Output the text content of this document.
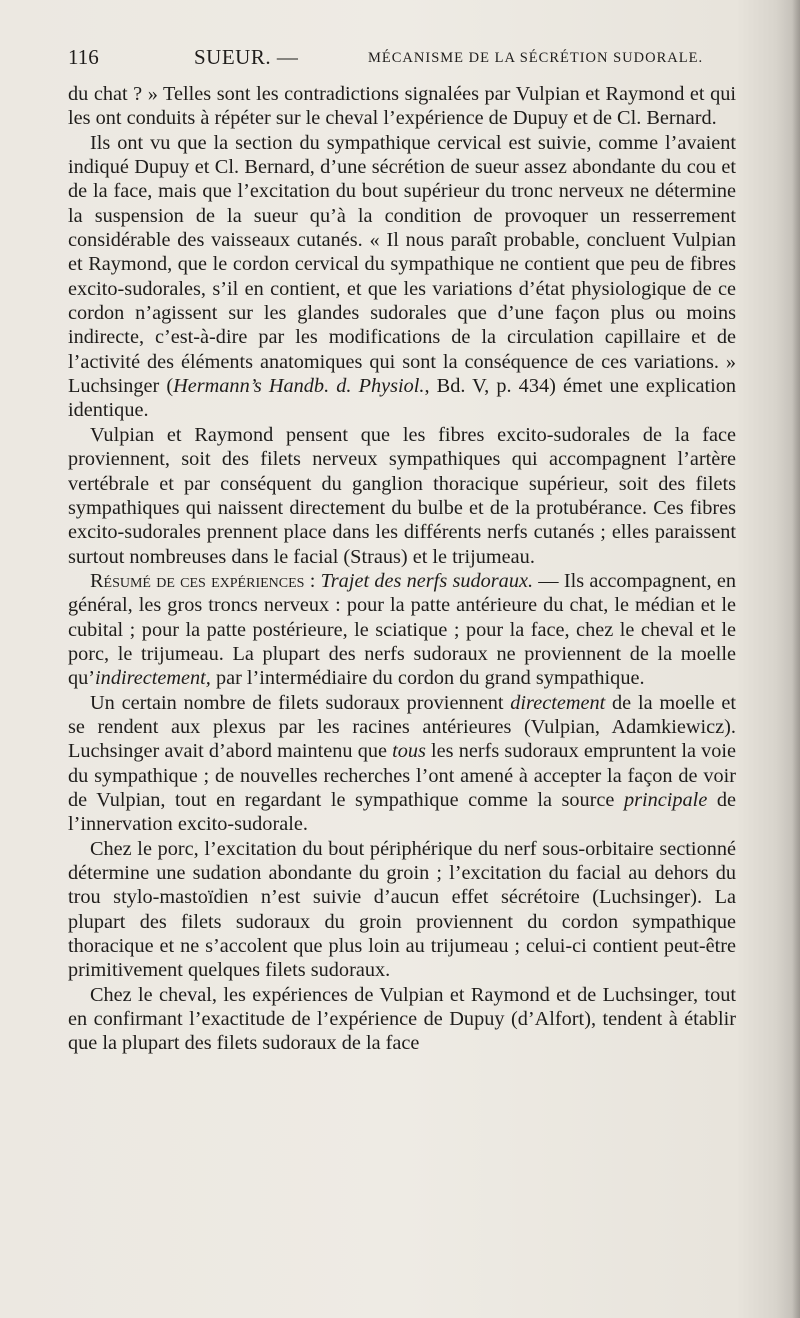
116	SUEUR. —	MÉCANISME DE LA SÉCRÉTION SUDORALE.

du chat ? » Telles sont les contradictions signalées par Vulpian et Raymond et qui les ont conduits à répéter sur le cheval l’expérience de Dupuy et de Cl. Bernard.

Ils ont vu que la section du sympathique cervical est suivie, comme l’avaient indiqué Dupuy et Cl. Bernard, d’une sécrétion de sueur assez abondante du cou et de la face, mais que l’excitation du bout supérieur du tronc nerveux ne détermine la suspension de la sueur qu’à la condition de provoquer un resserrement considérable des vaisseaux cutanés. « Il nous paraît probable, concluent Vulpian et Raymond, que le cordon cervical du sympathique ne contient que peu de fibres excito-sudorales, s’il en contient, et que les variations d’état physiologique de ce cordon n’agissent sur les glandes sudorales que d’une façon plus ou moins indirecte, c’est-à-dire par les modifications de la circulation capillaire et de l’activité des éléments anatomiques qui sont la conséquence de ces variations. » Luchsinger (Hermann’s Handb. d. Physiol., Bd. V, p. 434) émet une explication identique.

Vulpian et Raymond pensent que les fibres excito-sudorales de la face proviennent, soit des filets nerveux sympathiques qui accompagnent l’artère vertébrale et par conséquent du ganglion thoracique supérieur, soit des filets sympathiques qui naissent directement du bulbe et de la protubérance. Ces fibres excito-sudorales prennent place dans les différents nerfs cutanés ; elles paraissent surtout nombreuses dans le facial (Straus) et le trijumeau.

Résumé de ces expériences : Trajet des nerfs sudoraux. — Ils accompagnent, en général, les gros troncs nerveux : pour la patte antérieure du chat, le médian et le cubital ; pour la patte postérieure, le sciatique ; pour la face, chez le cheval et le porc, le trijumeau. La plupart des nerfs sudoraux ne proviennent de la moelle qu’indirectement, par l’intermédiaire du cordon du grand sympathique.

Un certain nombre de filets sudoraux proviennent directement de la moelle et se rendent aux plexus par les racines antérieures (Vulpian, Adamkiewicz). Luchsinger avait d’abord maintenu que tous les nerfs sudoraux empruntent la voie du sympathique ; de nouvelles recherches l’ont amené à accepter la façon de voir de Vulpian, tout en regardant le sympathique comme la source principale de l’innervation excito-sudorale.

Chez le porc, l’excitation du bout périphérique du nerf sous-orbitaire sectionné détermine une sudation abondante du groin ; l’excitation du facial au dehors du trou stylo-mastoïdien n’est suivie d’aucun effet sécrétoire (Luchsinger). La plupart des filets sudoraux du groin proviennent du cordon sympathique thoracique et ne s’accolent que plus loin au trijumeau ; celui-ci contient peut-être primitivement quelques filets sudoraux.

Chez le cheval, les expériences de Vulpian et Raymond et de Luchsinger, tout en confirmant l’exactitude de l’expérience de Dupuy (d’Alfort), tendent à établir que la plupart des filets sudoraux de la face
